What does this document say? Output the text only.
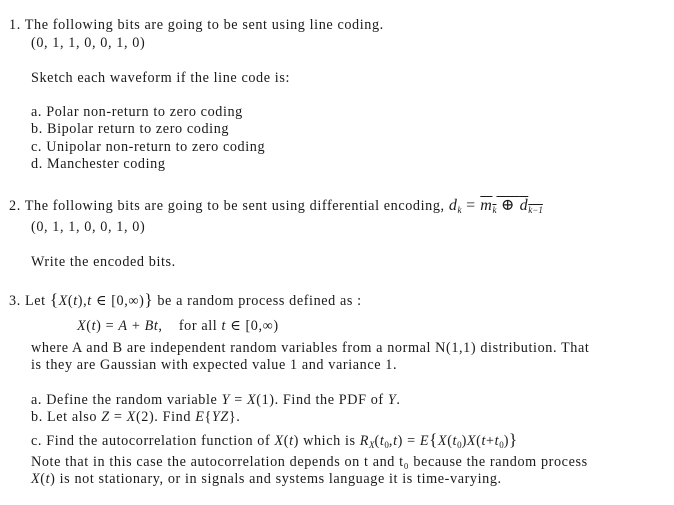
1. The following bits are going to be sent using line coding.
(0, 1, 1, 0, 0, 1, 0)
Sketch each waveform if the line code is:
a. Polar non-return to zero coding
b. Bipolar return to zero coding
c. Unipolar non-return to zero coding
d. Manchester coding
2. The following bits are going to be sent using differential encoding, $d_k = m_k$ ⊕ $d_{k-1}$
(0, 1, 1, 0, 0, 1, 0)
Write the encoded bits.
3. Let {X(t),t ∈ [0,∞)} be a random process defined as :
X(t) = A + Bt, for all t ∈ [0,∞)
where A and B are independent random variables from a normal N(1,1) distribution. That
is they are Gaussian with expected value 1 and variance 1.
a. Define the random variable Y = X(1). Find the PDF of Y.
b. Let also Z = X(2). Find E{YZ}.
c. Find the autocorrelation function of X(t) which is $R_X(t_0,t) = E\{X(t_0)X(t+t_0)\}$
Note that in this case the autocorrelation depends on t and t₀ because the random process
X(t) is not stationary, or in signals and systems language it is time-varying.
